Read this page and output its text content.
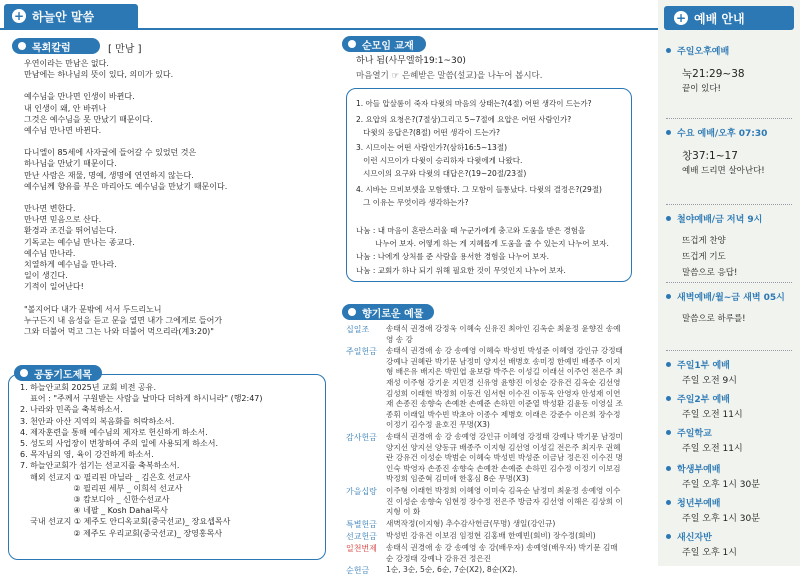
+ 하늘안 말씀
목회칼럼	[ 만남 ]

우연이라는 만남은 없다.

만남에는 하나님의 뜻이 있다, 의미가 있다.

예수님을 만나면 인생이 바뀐다.

내 인생이 왜, 안 바뀌나

그것은 예수님을 못 만났기 때문이다.

예수님 만나면 바뀐다.

다니엘이 85세에 사자굴에 들어갈 수 있었던 것은

하나님을 만났기 때문이다.

만난 사람은 재물, 명예, 생명에 연연하지 않는다.

예수님께 향유를 부은 마리아도 예수님을 만났기 때문이다.

만나면 변한다.

만나면 믿음으로 산다.

환경과 조건을 뛰어넘는다.

기독교는 예수님 만나는 종교다.

예수님 만나라.

치열하게 예수님을 만나라.

일이 생긴다.

기적이 일어난다!

"볼지어다 내가 문밖에 서서 두드리노니

누구든지 내 음성을 듣고 문을 열면 내가 그에게로 들어가

그와 더불어 먹고 그는 나와 더불어 먹으리라(계3:20)"

공동기도제목

1. 하늘안교회 2025년 교회 비전 공유.

표어 : "주께서 구원받는 사람을 날마다 더하게 하시니라" (행2:47)

2. 나라와 민족을 축복하소서.

3. 천안과 아산 지역의 복음화를 허락하소서.

4. 제자훈련을 통해 예수님의 제자로 헌신하게 하소서.

5. 성도의 사업장이 번창하여 주의 일에 사용되게 하소서.

6. 목자님의 영, 육이 강건하게 하소서.

7. 하늘안교회가 섬기는 선교지를 축복하소서.

해외 선교지 ① 필리핀 마닐라 _ 김은호 선교사

② 필리핀 세부 _ 이희석 선교사

③ 캄보디아 _ 신한수선교사

④ 네팔 _ Kosh Dahal목사

국내 선교지 ① 제주도 안디옥교회(중국선교)_ 장요셉목사

② 제주도 우리교회(중국선교)_ 장영홍목사

순모임 교재
하나 됨(사무엘하19:1~30)
마음열기 ☞ 은혜받은 말씀(설교)을 나누어 봅시다.

1. 아들 압살롬이 죽자 다윗의 마음의 상태는?(4절) 어떤 생각이 드는가?

2. 요압의 요청은?(7절상)그리고 5~7절에 요압은 어떤 사람인가?

다윗의 응답은?(8절) 어떤 생각이 드는가?

3. 시므이는 어떤 사람인가?(삼하16:5~13절)

이런 시므이가 다윗이 승리하자 다윗에게 나왔다.

시므이의 요구와 다윗의 대답은?(19~20절/23절)

4. 시바는 므비보셋을 모함했다. 그 모함이 들통났다. 다윗의 결정은?(29절)

그 이유는 무엇이라 생각하는가?

나눔 : 내 마음이 혼란스러울 때 누군가에게 충고와 도움을 받은 경험을

나누어 보자. 어떻게 하는 게 지혜롭게 도움을 줄 수 있는지 나누어 보자.

나눔 : 나에게 상처를 준 사람을 용서한 경험을 나누어 보자.

나눔 : 교회가 하나 되기 위해 필요한 것이 무엇인지 나누어 보자.

향기로운 예물
십일조	송태식 권경애 강정욱 이혜숙 신유진 최아인 김옥순 최윤정 윤향진 송예영 송 강
주일헌금	송태식 권경애 송 강 송예영 이혜숙 박성빈 박성준 이혜영 강인규 강정태 강예나 권혜란 박기문 남정미 양지선 배병호 송미정 한예빈 배종주 이지형 배은유 배지은 박민엽 윤보람 박주은 이성길 이래선 이주연 전은주 최재성 이주형 강기운 지민경 신유영 윤향진 이성순 강유건 김옥순 김선영 김성희 이래헌 박정희 이동건 임서현 이수진 이동욱 안영자 안성재 이연재 손종진 송향숙 손예찬 손예준 손하민 이준열 박성환 김윤동 이영실 조종휘 이래일 박수빈 박초아 이종수 제병호 이래은 강준수 이은희 장수정 이정기 김수정 윤호진 무명(X3)
감사헌금	송태식 권경애 송 강 송예영 강인규 이혜영 강정태 강예나 박기문 남정미 양지선 양지선 양동규 배종주 이지형 김선영 이성길 전은주 최지우 권혜란 강유건 이성순 박범순 이혜숙 박성빈 박성준 이금남 정은진 이수진 명인숙 박영자 손종진 송향숙 손예찬 손예준 손하민 김수정 이정기 이보검 박정희 임준혁 김미애 한홍심 8순 무명(X3)
가을십랑	이주형 이래헌 박정희 이혜영 이미숙 김옥순 남정미 최윤정 송예영 이수진 이성순 송향숙 임현정 장수정 전은주 방금자 김선영 이해은 김상희 이지형 이 화
특별헌금	새벽작정(이지형) 추수감사헌금(무명) 생일(강인규)
선교헌금	박성빈 강유건 이보검 임정현 김홍배 한예빈(회비) 장수정(회비)
일천번제	송태식 권경애 송 강 송예영 송 강(배우자) 송예영(배우자) 박기문 김매순 강정태 강예나 강유건 정은진
순헌금	1순, 3순, 5순, 6순, 7순(X2), 8순(X2).
+ 예배 안내
주일오후예배
눅21:29~38
끝이 있다!
수요 예배/오후 07:30
창37:1~17
예배 드리면 살아난다!
철야예배/금 저녁 9시
뜨겁게 찬양
뜨겁게 기도
말씀으로 응답!
새벽예배/월~금 새벽 05시
말씀으로 하루를!
주일1부 예배
주일 오전 9시
주일2부 예배
주일 오전 11시
주일학교
주일 오전 11시
학생부예배
주일 오후 1시 30분
청년부예배
주일 오후 1시 30분
새신자반
주일 오후 1시
